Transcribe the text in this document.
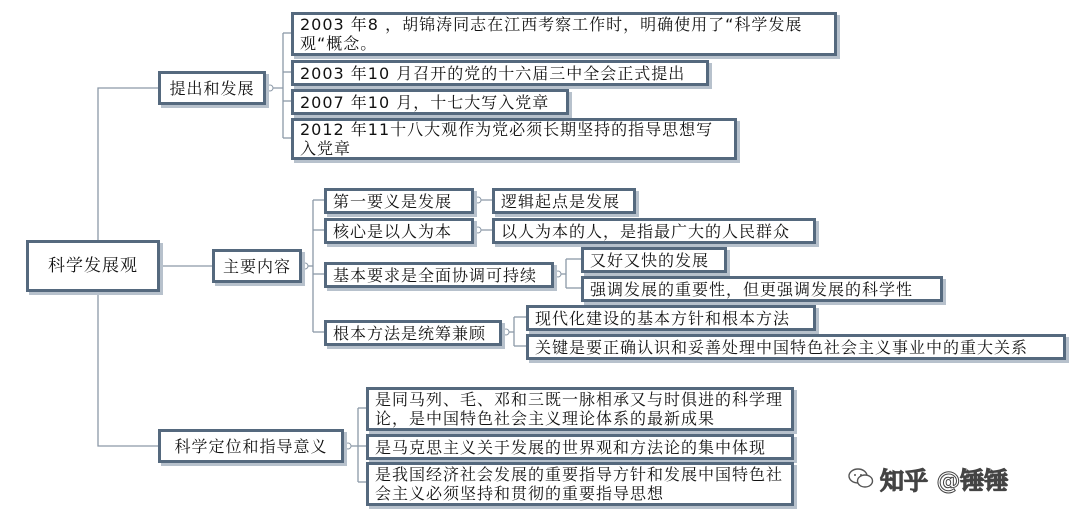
科学发展观
提出和发展
2003 年8 ，胡锦涛同志在江西考察工作时，明确使用了“科学发展观“概念。
2003 年10 月召开的党的十六届三中全会正式提出
2007 年10 月，十七大写入党章
2012 年11十八大观作为党必须长期坚持的指导思想写入党章
主要内容
第一要义是发展	逻辑起点是发展
核心是以人为本	以人为本的人，是指最广大的人民群众
基本要求是全面协调可持续
又好又快的发展
强调发展的重要性，但更强调发展的科学性
根本方法是统筹兼顾
现代化建设的基本方针和根本方法
关键是要正确认识和妥善处理中国特色社会主义事业中的重大关系
科学定位和指导意义
是同马列、毛、邓和三既一脉相承又与时俱进的科学理论，是中国特色社会主义理论体系的最新成果
是马克思主义关于发展的世界观和方法论的集中体现
是我国经济社会发展的重要指导方针和发展中国特色社会主义必须坚持和贯彻的重要指导思想	知乎 @锤锤
